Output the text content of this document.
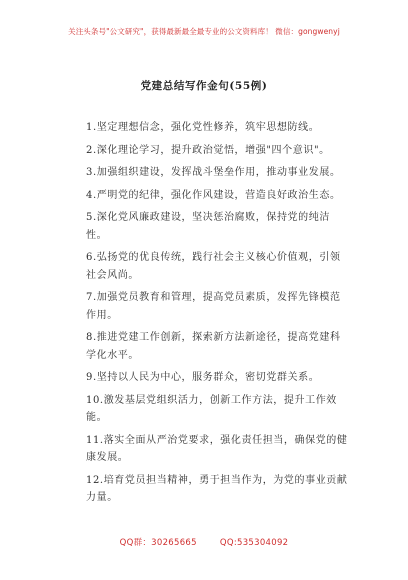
关注头条号"公文研究"，获得最新最全最专业的公文资料库！ 微信：gongwenyj
党建总结写作金句(55例)
1.坚定理想信念，强化党性修养，筑牢思想防线。
2.深化理论学习，提升政治觉悟，增强"四个意识"。
3.加强组织建设，发挥战斗堡垒作用，推动事业发展。
4.严明党的纪律，强化作风建设，营造良好政治生态。
5.深化党风廉政建设，坚决惩治腐败，保持党的纯洁性。
6.弘扬党的优良传统，践行社会主义核心价值观，引领社会风尚。
7.加强党员教育和管理，提高党员素质，发挥先锋模范作用。
8.推进党建工作创新，探索新方法新途径，提高党建科学化水平。
9.坚持以人民为中心，服务群众，密切党群关系。
10.激发基层党组织活力，创新工作方法，提升工作效能。
11.落实全面从严治党要求，强化责任担当，确保党的健康发展。
12.培育党员担当精神，勇于担当作为，为党的事业贡献力量。
QQ群：30265665	QQ:535304092
